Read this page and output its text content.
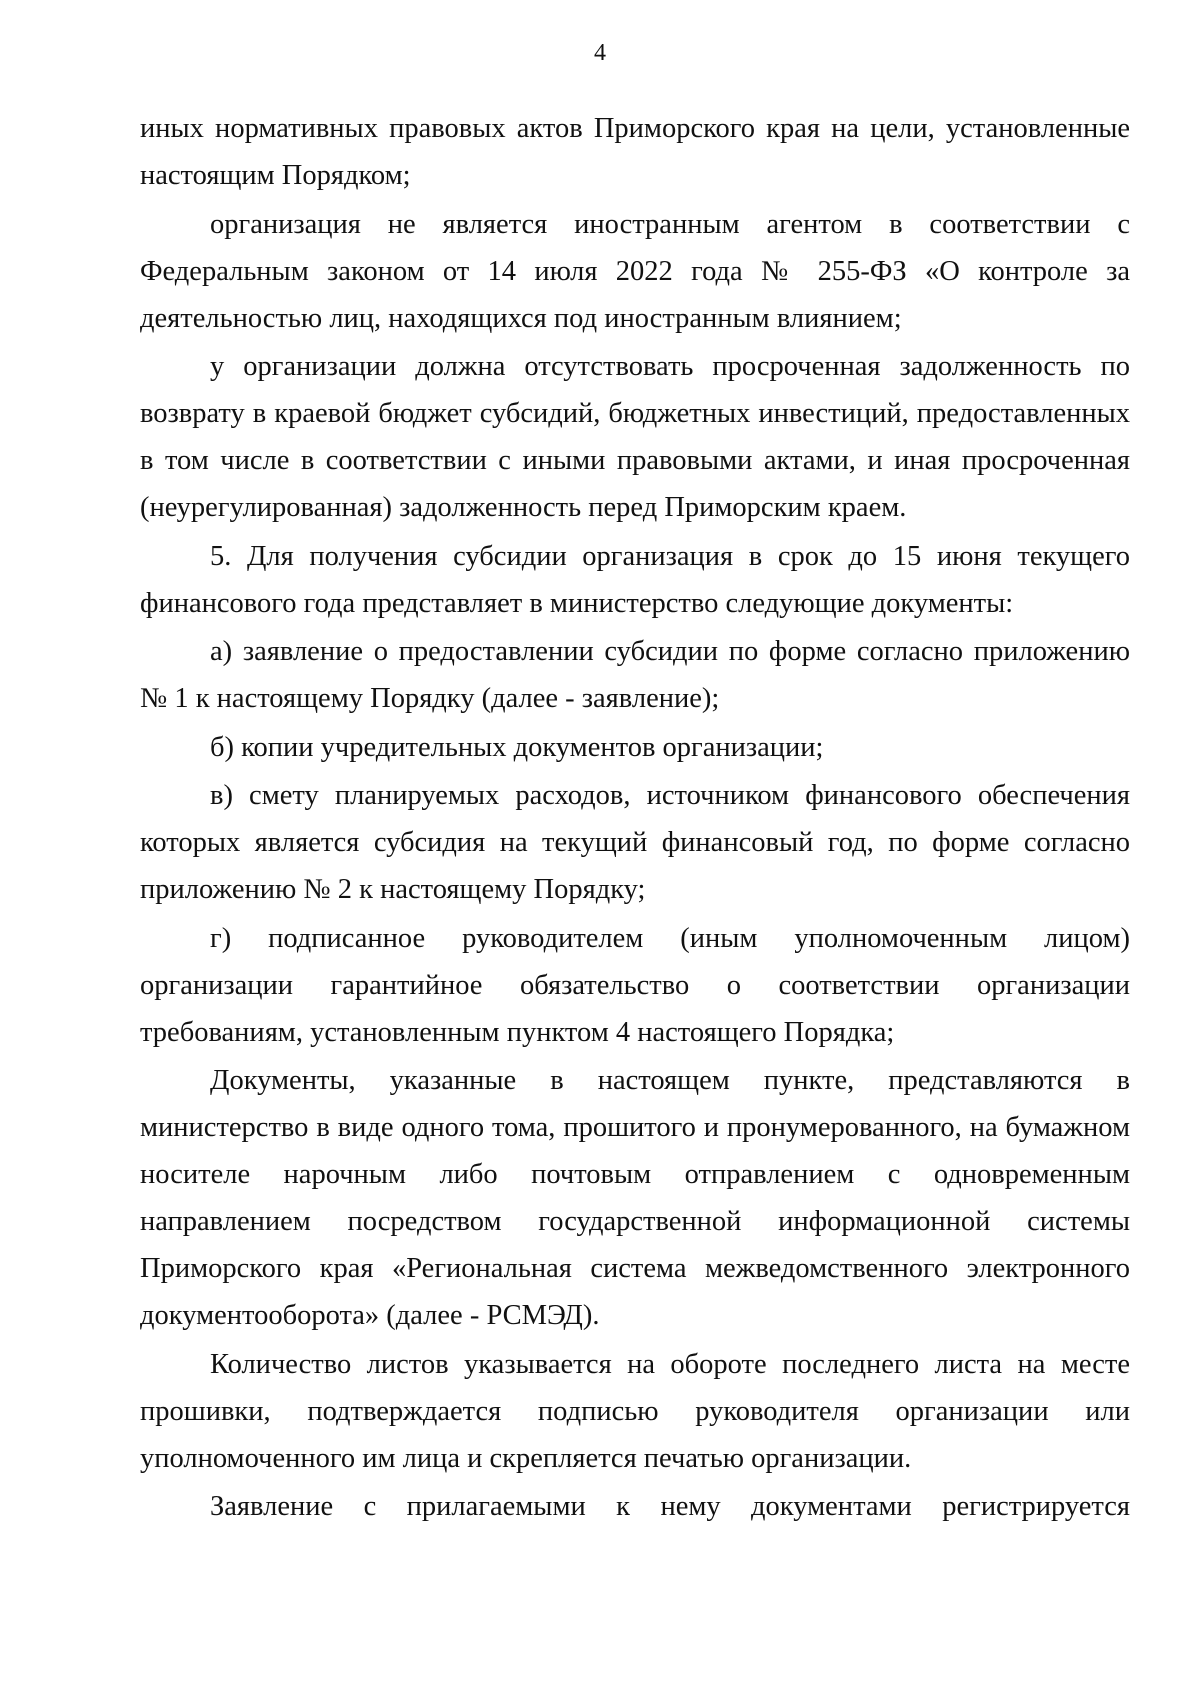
4

иных нормативных правовых актов Приморского края на цели, установленные настоящим Порядком;

организация не является иностранным агентом в соответствии с Федеральным законом от 14 июля 2022 года № 255-ФЗ «О контроле за деятельностью лиц, находящихся под иностранным влиянием;

у организации должна отсутствовать просроченная задолженность по возврату в краевой бюджет субсидий, бюджетных инвестиций, предоставленных в том числе в соответствии с иными правовыми актами, и иная просроченная (неурегулированная) задолженность перед Приморским краем.

5. Для получения субсидии организация в срок до 15 июня текущего финансового года представляет в министерство следующие документы:

а) заявление о предоставлении субсидии по форме согласно приложению № 1 к настоящему Порядку (далее - заявление);

б) копии учредительных документов организации;

в) смету планируемых расходов, источником финансового обеспечения которых является субсидия на текущий финансовый год, по форме согласно приложению № 2 к настоящему Порядку;

г) подписанное руководителем (иным уполномоченным лицом) организации гарантийное обязательство о соответствии организации требованиям, установленным пунктом 4 настоящего Порядка;

Документы, указанные в настоящем пункте, представляются в министерство в виде одного тома, прошитого и пронумерованного, на бумажном носителе нарочным либо почтовым отправлением с одновременным направлением посредством государственной информационной системы Приморского края «Региональная система межведомственного электронного документооборота» (далее - РСМЭД).

Количество листов указывается на обороте последнего листа на месте прошивки, подтверждается подписью руководителя организации или уполномоченного им лица и скрепляется печатью организации.

Заявление с прилагаемыми к нему документами регистрируется
